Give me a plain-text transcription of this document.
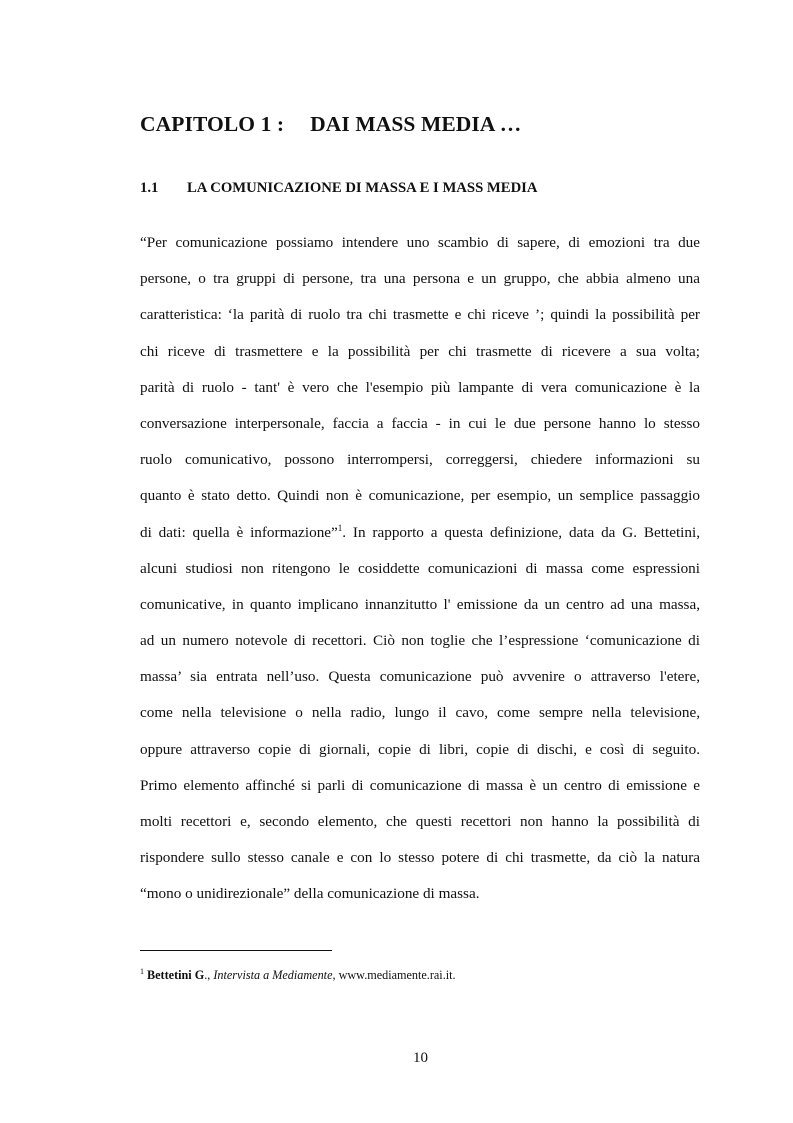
CAPITOLO 1 : DAI MASS MEDIA …
1.1 LA COMUNICAZIONE DI MASSA E I MASS MEDIA
“Per comunicazione possiamo intendere uno scambio di sapere, di emozioni tra due
persone, o tra gruppi di persone, tra una persona e un gruppo, che abbia almeno una
caratteristica: ‘la parità di ruolo tra chi trasmette e chi riceve ’; quindi la possibilità per
chi riceve di trasmettere e la possibilità per chi trasmette di ricevere a sua volta;
parità di ruolo - tant' è vero che l'esempio più lampante di vera comunicazione è la
conversazione interpersonale, faccia a faccia - in cui le due persone hanno lo stesso
ruolo comunicativo, possono interrompersi, correggersi, chiedere informazioni su
quanto è stato detto. Quindi non è comunicazione, per esempio, un semplice passaggio
di dati: quella è informazione”$^1$. In rapporto a questa definizione, data da G. Bettetini,
alcuni studiosi non ritengono le cosiddette comunicazioni di massa come espressioni
comunicative, in quanto implicano innanzitutto l' emissione da un centro ad una massa,
ad un numero notevole di recettori. Ciò non toglie che l’espressione ‘comunicazione di
massa’ sia entrata nell’uso. Questa comunicazione può avvenire o attraverso l'etere,
come nella televisione o nella radio, lungo il cavo, come sempre nella televisione,
oppure attraverso copie di giornali, copie di libri, copie di dischi, e così di seguito.
Primo elemento affinché si parli di comunicazione di massa è un centro di emissione e
molti recettori e, secondo elemento, che questi recettori non hanno la possibilità di
rispondere sullo stesso canale e con lo stesso potere di chi trasmette, da ciò la natura
“mono o unidirezionale” della comunicazione di massa.
$^1$ Bettetini G., Intervista a Mediamente, www.mediamente.rai.it.
10
